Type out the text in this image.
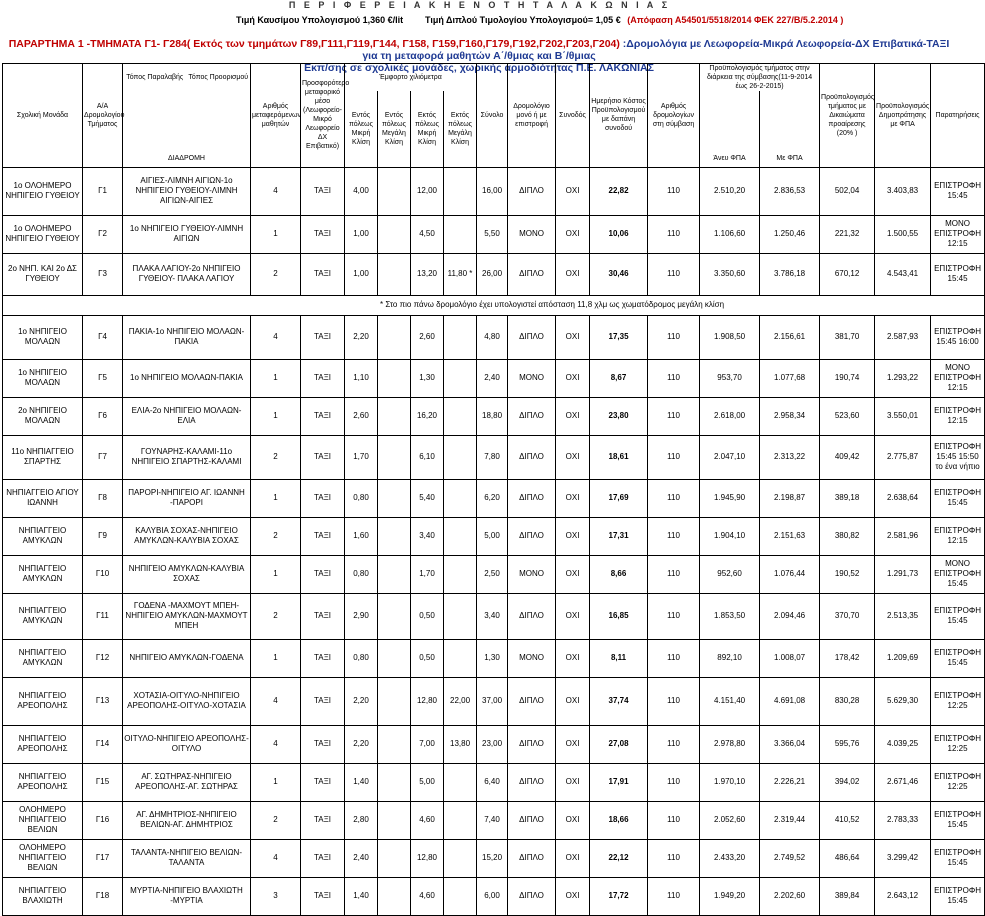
Π Ε Ρ Ι Φ Ε Ρ Ε Ι Α Κ Η Ε Ν Ο Τ Η Τ Α Λ Α Κ Ω Ν Ι Α Σ
Τιμή Καυσίμου Υπολογισμού 1,360 €/lit Τιμή Διπλού Τιμολογίου Υπολογισμού= 1,05 € (Απόφαση Α54501/5518/2014 ΦΕΚ 227/Β/5.2.2014 )
ΠΑΡΑΡΤΗΜΑ 1 -ΤΜΗΜΑΤΑ Γ1- Γ284( Εκτός των τμημάτων Γ89,Γ111,Γ119,Γ144, Γ158, Γ159,Γ160,Γ179,Γ192,Γ202,Γ203,Γ204) :Δρομολόγια με Λεωφορεία-Μικρά Λεωφορεία-ΔΧ Επιβατικά-ΤΑΞΙ για τη μεταφορά μαθητών Α΄/θμιας και Β΄/θμιας
Εκπ/σης σε σχολικές μονάδες, χωρικής αρμοδιότητας Π.Ε. ΛΑΚΩΝΙΑΣ
Σχολική Μονάδα	Α/Α Δρομολογίου Τμήματος	Τόπος Παραλαβής	Τόπος Προορισμού	Αριθμός μεταφερόμενων μαθητών	Προσφορότερο μεταφορικό μέσο (Λεωφορείο-Μικρό Λεωφορείο ΔΧ Επιβατικό)	Έμφορτο χιλιόμετρα				Σύνολο	Δρομολόγιο μονό ή με επιστροφή	Συνοδός	Ημερήσιο Κόστος Προϋπολογισμού με δαπάνη συνοδού	Αριθμός δρομολογίων στη σύμβαση	Προϋπολογισμός τμήματος στην διάρκεια της σύμβασης(11-9-2014 έως 26-2-2015)		Προϋπολογισμός τμήματος με Δικαιώματα προαίρεσης (20% )	Προϋπολογισμός Δημοπράτησης με ΦΠΑ	Παρατηρήσεις
		ΔΙΑΔΡΟΜΗ				Εντός πόλεως Μικρή Κλίση	Εντός πόλεως Μεγάλη Κλίση	Εκτός πόλεως Μικρή Κλίση	Εκτός πόλεως Μεγάλη Κλίση						Άνευ ΦΠΑ	Με ΦΠΑ			
1ο ΟΛΟΗΜΕΡΟ ΝΗΠΙΓΕΙΟ ΓΥΘΕΙΟΥ	Γ1	ΑΙΓΙΕΣ-ΛΙΜΝΗ ΑΙΓΙΩΝ-1ο ΝΗΠΙΓΕΙΟ ΓΥΘΕΙΟΥ-ΛΙΜΝΗ ΑΙΓΙΩΝ-ΑΙΓΙΕΣ		4	ΤΑΞΙ	4,00		12,00		16,00	ΔΙΠΛΟ	ΟΧΙ	22,82	110	2.510,20	2.836,53	502,04	3.403,83	ΕΠΙΣΤΡΟΦΗ 15:45
1ο ΟΛΟΗΜΕΡΟ ΝΗΠΙΓΕΙΟ ΓΥΘΕΙΟΥ	Γ2	1ο ΝΗΠΙΓΕΙΟ ΓΥΘΕΙΟΥ-ΛΙΜΝΗ ΑΙΓΙΩΝ		1	ΤΑΞΙ	1,00		4,50		5,50	ΜΟΝΟ	ΟΧΙ	10,06	110	1.106,60	1.250,46	221,32	1.500,55	ΜΟΝΟ ΕΠΙΣΤΡΟΦΗ 12:15
2ο ΝΗΠ. ΚΑΙ 2ο ΔΣ ΓΥΘΕΙΟΥ	Γ3	ΠΛΑΚΑ ΛΑΓΙΟΥ-2ο ΝΗΠΙΓΕΙΟ ΓΥΘΕΙΟΥ- ΠΛΑΚΑ ΛΑΓΙΟΥ		2	ΤΑΞΙ	1,00		13,20	11,80 *	26,00	ΔΙΠΛΟ	ΟΧΙ	30,46	110	3.350,60	3.786,18	670,12	4.543,41	ΕΠΙΣΤΡΟΦΗ 15:45
* Στο πιο πάνω δρομολόγιο έχει υπολογιστεί απόσταση 11,8 χλμ ως χωματόδρομος μεγάλη κλίση																			
1ο ΝΗΠΙΓΕΙΟ ΜΟΛΑΩΝ	Γ4	ΠΑΚΙΑ-1ο ΝΗΠΙΓΕΙΟ ΜΟΛΑΩΝ-ΠΑΚΙΑ		4	ΤΑΞΙ	2,20		2,60		4,80	ΔΙΠΛΟ	ΟΧΙ	17,35	110	1.908,50	2.156,61	381,70	2.587,93	ΕΠΙΣΤΡΟΦΗ 15:45 16:00
1ο ΝΗΠΙΓΕΙΟ ΜΟΛΑΩΝ	Γ5	1ο ΝΗΠΙΓΕΙΟ ΜΟΛΑΩΝ-ΠΑΚΙΑ		1	ΤΑΞΙ	1,10		1,30		2,40	ΜΟΝΟ	ΟΧΙ	8,67	110	953,70	1.077,68	190,74	1.293,22	ΜΟΝΟ ΕΠΙΣΤΡΟΦΗ 12:15
2ο ΝΗΠΙΓΕΙΟ ΜΟΛΑΩΝ	Γ6	ΕΛΙΑ-2ο ΝΗΠΙΓΕΙΟ ΜΟΛΑΩΝ-ΕΛΙΑ		1	ΤΑΞΙ	2,60		16,20		18,80	ΔΙΠΛΟ	ΟΧΙ	23,80	110	2.618,00	2.958,34	523,60	3.550,01	ΕΠΙΣΤΡΟΦΗ 12:15
11ο ΝΗΠΙΑΓΓΕΙΟ ΣΠΑΡΤΗΣ	Γ7	ΓΟΥΝΑΡΗΣ-ΚΑΛΑΜΙ-11ο ΝΗΠΙΓΕΙΟ ΣΠΑΡΤΗΣ-ΚΑΛΑΜΙ		2	ΤΑΞΙ	1,70		6,10		7,80	ΔΙΠΛΟ	ΟΧΙ	18,61	110	2.047,10	2.313,22	409,42	2.775,87	ΕΠΙΣΤΡΟΦΗ 15:45 15:50 το ένα νήπιο
ΝΗΠΙΑΓΓΕΙΟ ΑΓΙΟΥ ΙΩΑΝΝΗ	Γ8	ΠΑΡΟΡΙ-ΝΗΠΙΓΕΙΟ ΑΓ. ΙΩΑΝΝΗ -ΠΑΡΟΡΙ		1	ΤΑΞΙ	0,80		5,40		6,20	ΔΙΠΛΟ	ΟΧΙ	17,69	110	1.945,90	2.198,87	389,18	2.638,64	ΕΠΙΣΤΡΟΦΗ 15:45
ΝΗΠΙΑΓΓΕΙΟ ΑΜΥΚΛΩΝ	Γ9	ΚΑΛΥΒΙΑ ΣΟΧΑΣ-ΝΗΠΙΓΕΙΟ ΑΜΥΚΛΩΝ-ΚΑΛΥΒΙΑ ΣΟΧΑΣ		2	ΤΑΞΙ	1,60		3,40		5,00	ΔΙΠΛΟ	ΟΧΙ	17,31	110	1.904,10	2.151,63	380,82	2.581,96	ΕΠΙΣΤΡΟΦΗ 12:15
ΝΗΠΙΑΓΓΕΙΟ ΑΜΥΚΛΩΝ	Γ10	ΝΗΠΙΓΕΙΟ ΑΜΥΚΛΩΝ-ΚΑΛΥΒΙΑ ΣΟΧΑΣ		1	ΤΑΞΙ	0,80		1,70		2,50	ΜΟΝΟ	ΟΧΙ	8,66	110	952,60	1.076,44	190,52	1.291,73	ΜΟΝΟ ΕΠΙΣΤΡΟΦΗ 15:45
ΝΗΠΙΑΓΓΕΙΟ ΑΜΥΚΛΩΝ	Γ11	ΓΟΔΕΝΑ -ΜΑΧΜΟΥΤ ΜΠΕΗ-ΝΗΠΙΓΕΙΟ ΑΜΥΚΛΩΝ-ΜΑΧΜΟΥΤ ΜΠΕΗ		2	ΤΑΞΙ	2,90		0,50		3,40	ΔΙΠΛΟ	ΟΧΙ	16,85	110	1.853,50	2.094,46	370,70	2.513,35	ΕΠΙΣΤΡΟΦΗ 15:45
ΝΗΠΙΑΓΓΕΙΟ ΑΜΥΚΛΩΝ	Γ12	ΝΗΠΙΓΕΙΟ ΑΜΥΚΛΩΝ-ΓΟΔΕΝΑ		1	ΤΑΞΙ	0,80		0,50		1,30	ΜΟΝΟ	ΟΧΙ	8,11	110	892,10	1.008,07	178,42	1.209,69	ΕΠΙΣΤΡΟΦΗ 15:45
ΝΗΠΙΑΓΓΕΙΟ ΑΡΕΟΠΟΛΗΣ	Γ13	ΧΟΤΑΣΙΑ-ΟΙΤΥΛΟ-ΝΗΠΙΓΕΙΟ ΑΡΕΟΠΟΛΗΣ-ΟΙΤΥΛΟ-ΧΟΤΑΣΙΑ		4	ΤΑΞΙ	2,20		12,80	22,00	37,00	ΔΙΠΛΟ	ΟΧΙ	37,74	110	4.151,40	4.691,08	830,28	5.629,30	ΕΠΙΣΤΡΟΦΗ 12:25
ΝΗΠΙΑΓΓΕΙΟ ΑΡΕΟΠΟΛΗΣ	Γ14	ΟΙΤΥΛΟ-ΝΗΠΙΓΕΙΟ ΑΡΕΟΠΟΛΗΣ-ΟΙΤΥΛΟ		4	ΤΑΞΙ	2,20		7,00	13,80	23,00	ΔΙΠΛΟ	ΟΧΙ	27,08	110	2.978,80	3.366,04	595,76	4.039,25	ΕΠΙΣΤΡΟΦΗ 12:25
ΝΗΠΙΑΓΓΕΙΟ ΑΡΕΟΠΟΛΗΣ	Γ15	ΑΓ. ΣΩΤΗΡΑΣ-ΝΗΠΙΓΕΙΟ ΑΡΕΟΠΟΛΗΣ-ΑΓ. ΣΩΤΗΡΑΣ		1	ΤΑΞΙ	1,40		5,00		6,40	ΔΙΠΛΟ	ΟΧΙ	17,91	110	1.970,10	2.226,21	394,02	2.671,46	ΕΠΙΣΤΡΟΦΗ 12:25
ΟΛΟΗΜΕΡΟ ΝΗΠΙΑΓΓΕΙΟ ΒΕΛΙΩΝ	Γ16	ΑΓ. ΔΗΜΗΤΡΙΟΣ-ΝΗΠΙΓΕΙΟ ΒΕΛΙΩΝ-ΑΓ. ΔΗΜΗΤΡΙΟΣ		2	ΤΑΞΙ	2,80		4,60		7,40	ΔΙΠΛΟ	ΟΧΙ	18,66	110	2.052,60	2.319,44	410,52	2.783,33	ΕΠΙΣΤΡΟΦΗ 15:45
ΟΛΟΗΜΕΡΟ ΝΗΠΙΑΓΓΕΙΟ ΒΕΛΙΩΝ	Γ17	ΤΑΛΑΝΤΑ-ΝΗΠΙΓΕΙΟ ΒΕΛΙΩΝ-ΤΑΛΑΝΤΑ		4	ΤΑΞΙ	2,40		12,80		15,20	ΔΙΠΛΟ	ΟΧΙ	22,12	110	2.433,20	2.749,52	486,64	3.299,42	ΕΠΙΣΤΡΟΦΗ 15:45
ΝΗΠΙΑΓΓΕΙΟ ΒΛΑΧΙΩΤΗ	Γ18	ΜΥΡΤΙΑ-ΝΗΠΙΓΕΙΟ ΒΛΑΧΙΩΤΗ -ΜΥΡΤΙΑ		3	ΤΑΞΙ	1,40		4,60		6,00	ΔΙΠΛΟ	ΟΧΙ	17,72	110	1.949,20	2.202,60	389,84	2.643,12	ΕΠΙΣΤΡΟΦΗ 15:45
